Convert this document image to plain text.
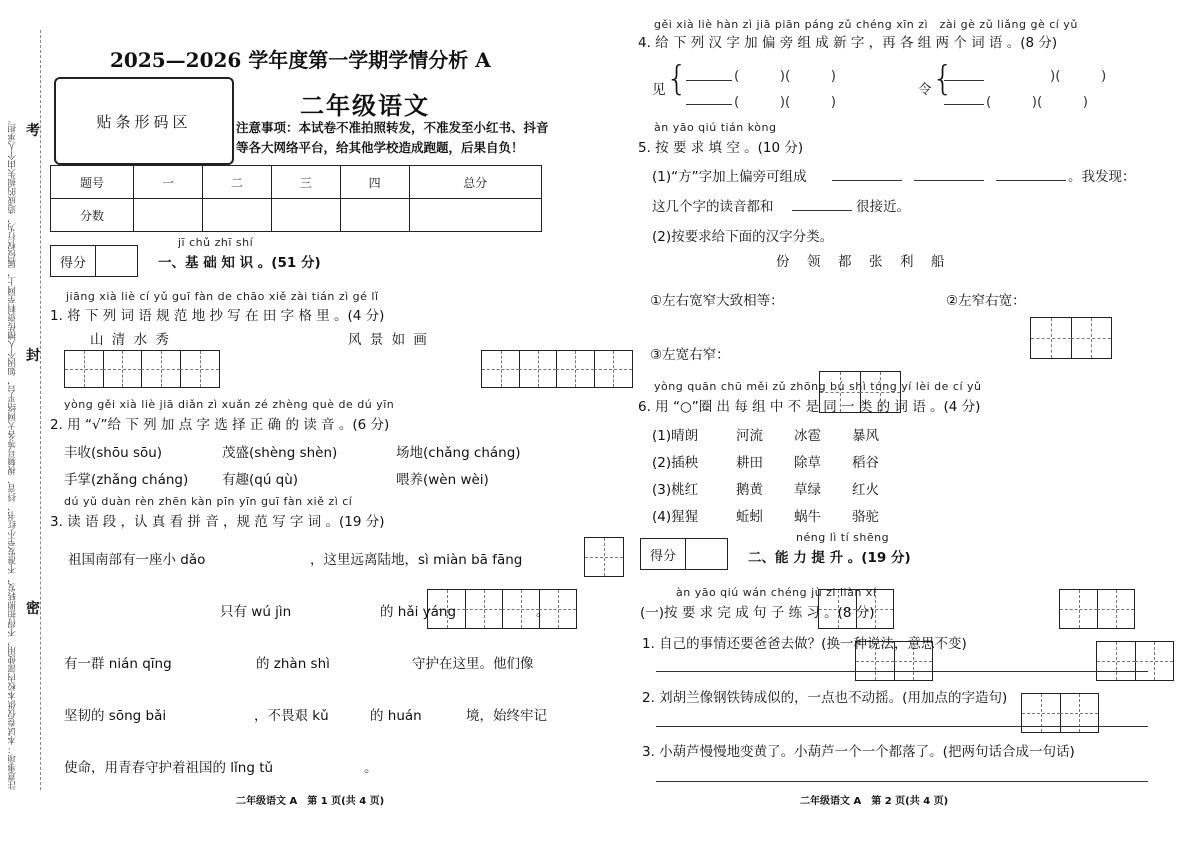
注意事项：本试卷仅供本校内部使用，不得拍照转发，不准发至小红书、抖音、视频号等各大网络平台，如因个人擅传资料至网上，属侵权行为，造成的损失由个人承担。 考
封
密
2025—2026 学年度第一学期学情分析 A
贴条形码区
二年级语文
注意事项：本试卷不准拍照转发，不准发至小红书、抖音等各大网络平台，给其他学校造成跑题，后果自负！
题号	一	二	三	四	总分
分数					
得分
jī chǔ zhī shí
一、基 础 知 识 。(51 分)
jiāng xià liè cí yǔ guī fàn de chāo xiě zài tián zì gé lǐ
1. 将 下 列 词 语 规 范 地 抄 写 在 田 字 格 里 。(4 分)
山 清 水 秀	风 景 如 画

yòng gěi xià liè jiā diǎn zì xuǎn zé zhèng què de dú yīn
2. 用 “√”给 下 列 加 点 字 选 择 正 确 的 读 音 。(6 分)
丰收(shōu sōu)	茂盛(shèng shèn)	场地(chǎng cháng)
手掌(zhǎng cháng)	有趣(qú qù)	喂养(wèn wèi)
dú yǔ duàn rèn zhēn kàn pīn yīn guī fàn xiě zì cí
3. 读 语 段 ，认 真 看 拼 音 ，规 范 写 字 词 。(19 分)
祖国南部有一座小 dǎo
	，这里远离陆地，sì miàn bā fāng

只有 wú jìn
	的 hǎi yáng
	。
有一群 nián qīng
	的 zhàn shì
	守护在这里。他们像
坚韧的 sōng bǎi
	，不畏艰 kǔ
	的 huán
	境，始终牢记
使命，用青春守护着祖国的 lǐng tǔ
	。
二年级语文 A　第 1 页(共 4 页)
gěi xià liè hàn zì jiā piān páng zǔ chéng xīn zì　zài gè zǔ liǎng gè cí yǔ
4. 给 下 列 汉 字 加 偏 旁 组 成 新 字 ，再 各 组 两 个 词 语 。(8 分)
见 {	(　　　)(　　　)
(　　　)(　　　)
令 {	)(　　　)
(　　　)(　　　)
àn yāo qiú tián kòng
5. 按 要 求 填 空 。(10 分)
(1)“方”字加上偏旁可组成	。我发现：
这几个字的读音都和	很接近。
(2)按要求给下面的汉字分类。
份　领　都　张　利　船
①左右宽窄大致相等：
	②左窄右宽：

③左宽右窄：
yòng quān chū měi zǔ zhōng bú shì tóng yí lèi de cí yǔ
6. 用 “○”圈 出 每 组 中 不 是 同 一 类 的 词 语 。(4 分)
(1)晴朗	河流 冰雹 暴风
(2)插秧	耕田 除草 稻谷
(3)桃红	鹅黄 草绿 红火
(4)猩猩	蚯蚓 蜗牛 骆驼
得分
néng lì tí shēng
二、能 力 提 升 。(19 分)
àn yāo qiú wán chéng jù zi liàn xí
(一)按 要 求 完 成 句 子 练 习 。(8 分)
1. 自己的事情还要爸爸去做？(换一种说法，意思不变)
2. 刘胡兰像钢铁铸成似的，一点也不动摇。(用加点的字造句)
3. 小葫芦慢慢地变黄了。小葫芦一个一个都落了。(把两句话合成一句话)
二年级语文 A　第 2 页(共 4 页)
